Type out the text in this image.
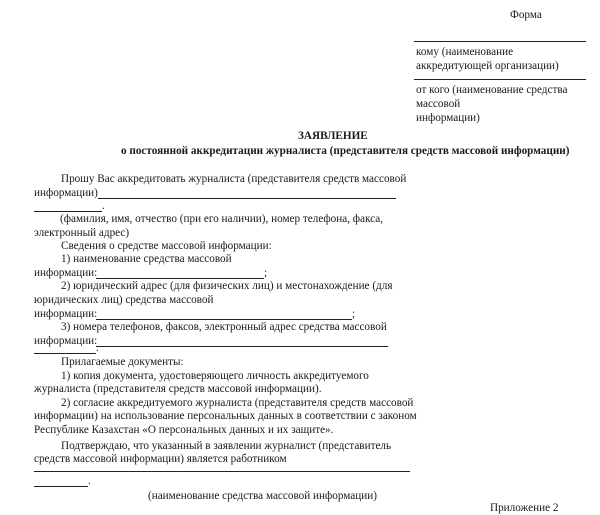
Форма
кому (наименование
аккредитующей организации)
от кого (наименование средства
массовой
информации)
ЗАЯВЛЕНИЕ
о постоянной аккредитации журналиста (представителя средств массовой информации)
Прошу Вас аккредитовать журналиста (представителя средств массовой
информации)
.
(фамилия, имя, отчество (при его наличии), номер телефона, факса,
электронный адрес)
Сведения о средстве массовой информации:
1) наименование средства массовой
информации:	;
2) юридический адрес (для физических лиц) и местонахождение (для
юридических лиц) средства массовой
информации:	;
3) номера телефонов, факсов, электронный адрес средства массовой
информации:
.
Прилагаемые документы:
1) копия документа, удостоверяющего личность аккредитуемого
журналиста (представителя средств массовой информации).
2) согласие аккредитуемого журналиста (представителя средств массовой
информации) на использование персональных данных в соответствии с законом
Республике Казахстан «О персональных данных и их защите».
Подтверждаю, что указанный в заявлении журналист (представитель
средств массовой информации) является работником
.
(наименование средства массовой информации)
Приложение 2
